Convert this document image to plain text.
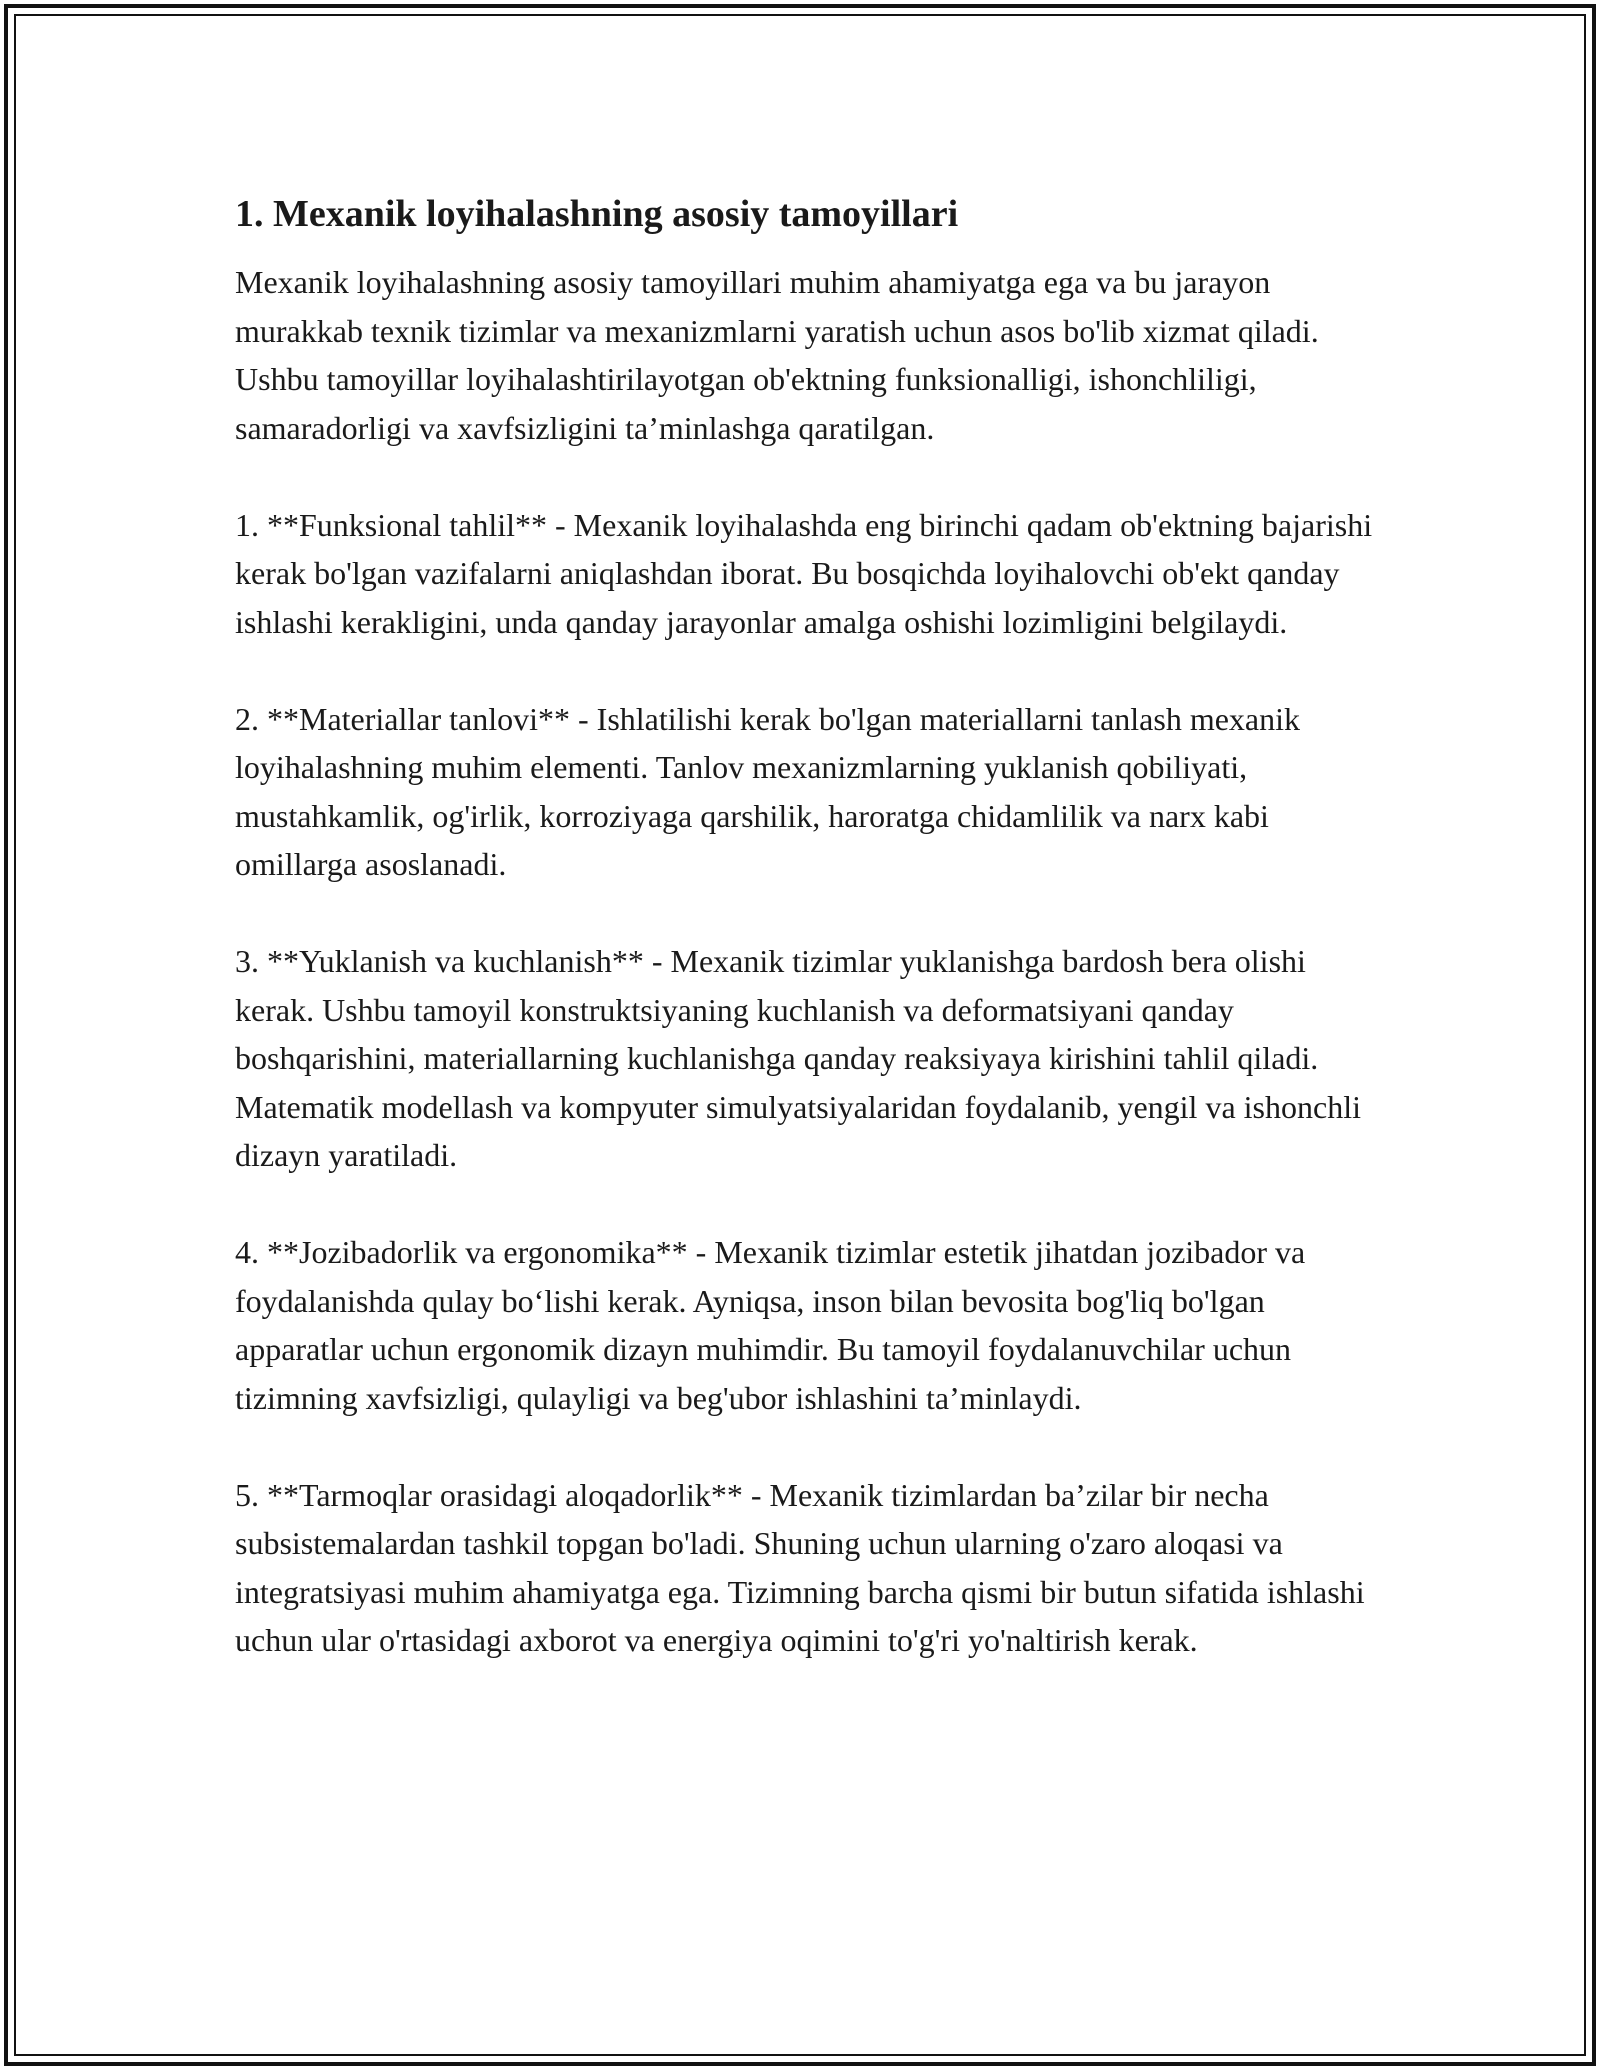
1. Mexanik loyihalashning asosiy tamoyillari

Mexanik loyihalashning asosiy tamoyillari muhim ahamiyatga ega va bu jarayon murakkab texnik tizimlar va mexanizmlarni yaratish uchun asos bo'lib xizmat qiladi. Ushbu tamoyillar loyihalashtirilayotgan ob'ektning funksionalligi, ishonchliligi, samaradorligi va xavfsizligini ta’minlashga qaratilgan.

1. **Funksional tahlil** - Mexanik loyihalashda eng birinchi qadam ob'ektning bajarishi kerak bo'lgan vazifalarni aniqlashdan iborat. Bu bosqichda loyihalovchi ob'ekt qanday ishlashi kerakligini, unda qanday jarayonlar amalga oshishi lozimligini belgilaydi.

2. **Materiallar tanlovi** - Ishlatilishi kerak bo'lgan materiallarni tanlash mexanik loyihalashning muhim elementi. Tanlov mexanizmlarning yuklanish qobiliyati, mustahkamlik, og'irlik, korroziyaga qarshilik, haroratga chidamlilik va narx kabi omillarga asoslanadi.

3. **Yuklanish va kuchlanish** - Mexanik tizimlar yuklanishga bardosh bera olishi kerak. Ushbu tamoyil konstruktsiyaning kuchlanish va deformatsiyani qanday boshqarishini, materiallarning kuchlanishga qanday reaksiyaya kirishini tahlil qiladi. Matematik modellash va kompyuter simulyatsiyalaridan foydalanib, yengil va ishonchli dizayn yaratiladi.

4. **Jozibadorlik va ergonomika** - Mexanik tizimlar estetik jihatdan jozibador va foydalanishda qulay bo‘lishi kerak. Ayniqsa, inson bilan bevosita bog'liq bo'lgan apparatlar uchun ergonomik dizayn muhimdir. Bu tamoyil foydalanuvchilar uchun tizimning xavfsizligi, qulayligi va beg'ubor ishlashini ta’minlaydi.

5. **Tarmoqlar orasidagi aloqadorlik** - Mexanik tizimlardan ba’zilar bir necha subsistemalardan tashkil topgan bo'ladi. Shuning uchun ularning o'zaro aloqasi va integratsiyasi muhim ahamiyatga ega. Tizimning barcha qismi bir butun sifatida ishlashi uchun ular o'rtasidagi axborot va energiya oqimini to'g'ri yo'naltirish kerak.
